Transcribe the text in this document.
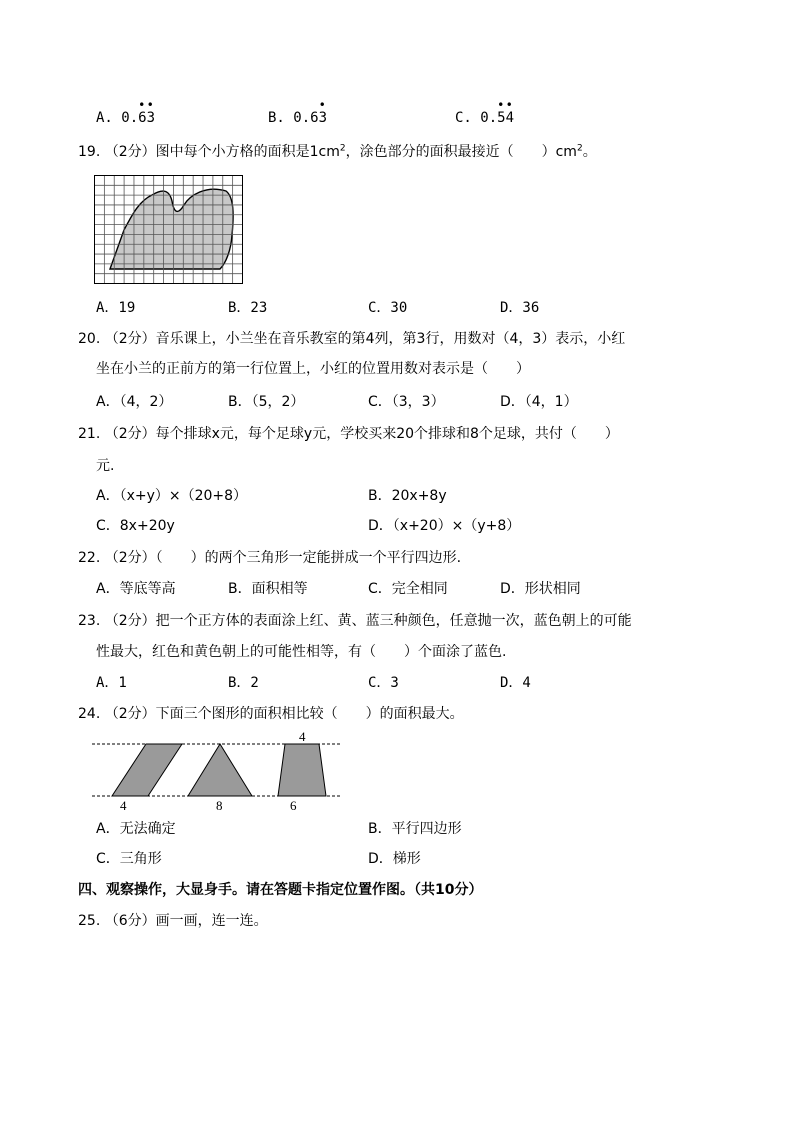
A. 0.
•
6
•
3	B. 0.6
•
3	C. 0.
•
5
•
4
19. （2分）图中每个小方格的面积是$1cm^2$，涂色部分的面积最接近（　　）$cm^2$。
A．19	B．23	C．30	D．36
20. （2分）音乐课上，小兰坐在音乐教室的第4列，第3行，用数对（4，3）表示，小红
坐在小兰的正前方的第一行位置上，小红的位置用数对表示是（　　）
A．（4，2）	B．（5，2）	C．（3，3）	D．（4，1）
21. （2分）每个排球x元，每个足球y元，学校买来20个排球和8个足球，共付（　　）
元.
A．（x+y）×（20+8）	B．20x+8y
C．8x+20y	D．（x+20）×（y+8）
22. （2分）（　　）的两个三角形一定能拼成一个平行四边形.
A．等底等高	B．面积相等	C．完全相同	D．形状相同
23. （2分）把一个正方体的表面涂上红、黄、蓝三种颜色，任意抛一次，蓝色朝上的可能
性最大，红色和黄色朝上的可能性相等，有（　　）个面涂了蓝色.
A．1	B．2	C．3	D．4
24. （2分）下面三个图形的面积相比较（　　）的面积最大。
4	8
4
6
A．无法确定	B．平行四边形
C．三角形	D．梯形
四、观察操作，大显身手。请在答题卡指定位置作图。（共10分）
25. （6分）画一画，连一连。
